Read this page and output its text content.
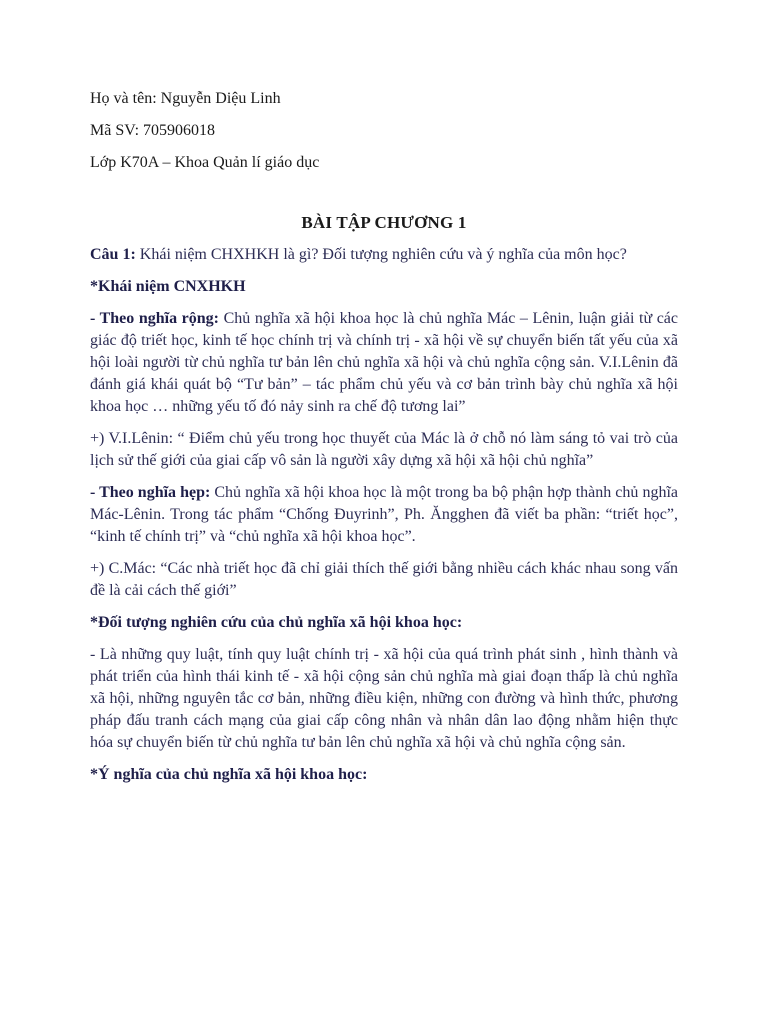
Họ và tên: Nguyễn Diệu Linh

Mã SV: 705906018

Lớp K70A – Khoa Quản lí giáo dục

BÀI TẬP CHƯƠNG 1

Câu 1: Khái niệm CHXHKH là gì? Đối tượng nghiên cứu và ý nghĩa của môn học?

*Khái niệm CNXHKH

- Theo nghĩa rộng: Chủ nghĩa xã hội khoa học là chủ nghĩa Mác – Lênin, luận giải từ các giác độ triết học, kinh tế học chính trị và chính trị - xã hội về sự chuyển biến tất yếu của xã hội loài người từ chủ nghĩa tư bản lên chủ nghĩa xã hội và chủ nghĩa cộng sản. V.I.Lênin đã đánh giá khái quát bộ “Tư bản” – tác phẩm chủ yếu và cơ bản trình bày chủ nghĩa xã hội khoa học … những yếu tố đó nảy sinh ra chế độ tương lai”

+) V.I.Lênin: “ Điểm chủ yếu trong học thuyết của Mác là ở chỗ nó làm sáng tỏ vai trò của lịch sử thế giới của giai cấp vô sản là người xây dựng xã hội xã hội chủ nghĩa”

- Theo nghĩa hẹp: Chủ nghĩa xã hội khoa học là một trong ba bộ phận hợp thành chủ nghĩa Mác-Lênin. Trong tác phẩm “Chống Đuyrinh”, Ph. Ăngghen đã viết ba phần: “triết học”, “kinh tế chính trị” và “chủ nghĩa xã hội khoa học”.

+) C.Mác: “Các nhà triết học đã chỉ giải thích thế giới bằng nhiều cách khác nhau song vấn đề là cải cách thế giới”

*Đối tượng nghiên cứu của chủ nghĩa xã hội khoa học:

- Là những quy luật, tính quy luật chính trị - xã hội của quá trình phát sinh , hình thành và phát triển của hình thái kinh tế - xã hội cộng sản chủ nghĩa mà giai đoạn thấp là chủ nghĩa xã hội, những nguyên tắc cơ bản, những điều kiện, những con đường và hình thức, phương pháp đấu tranh cách mạng của giai cấp công nhân và nhân dân lao động nhằm hiện thực hóa sự chuyển biến từ chủ nghĩa tư bản lên chủ nghĩa xã hội và chủ nghĩa cộng sản.

*Ý nghĩa của chủ nghĩa xã hội khoa học:
